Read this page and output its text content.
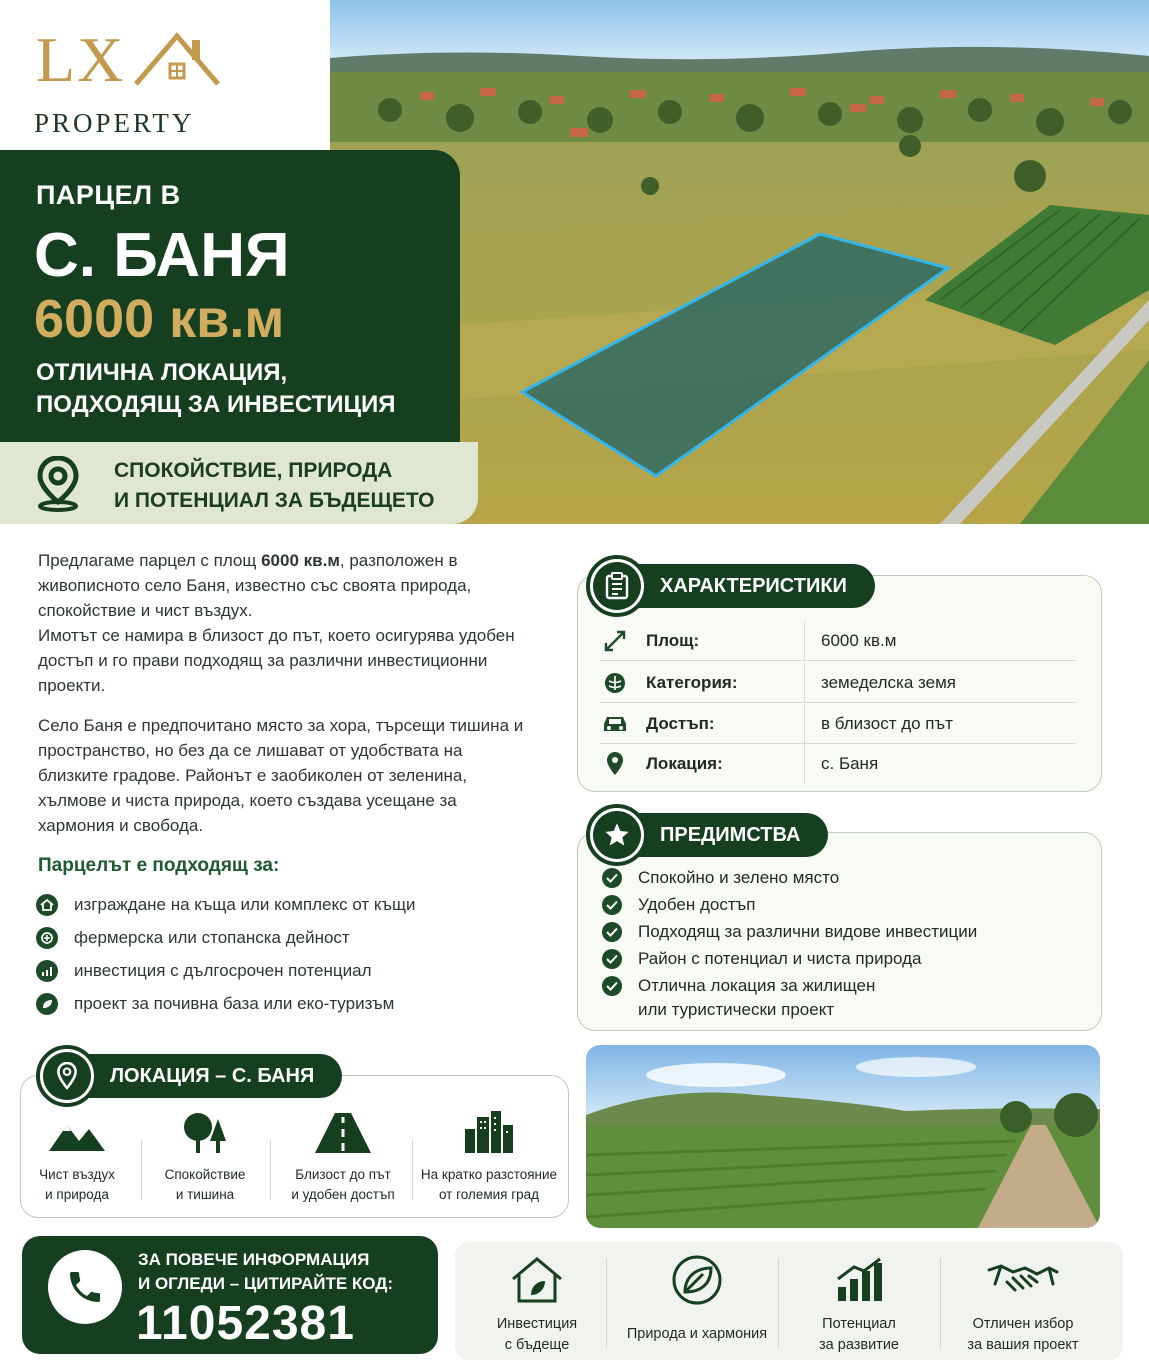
LX
PROPERTY
ПАРЦЕЛ В
С. БАНЯ
6000 кв.м
ОТЛИЧНА ЛОКАЦИЯ,
ПОДХОДЯЩ ЗА ИНВЕСТИЦИЯ
СПОКОЙСТВИЕ, ПРИРОДА
И ПОТЕНЦИАЛ ЗА БЪДЕЩЕТО
Предлагаме парцел с площ 6000 кв.м, разположен в живописното село Баня, известно със своята природа, спокойствие и чист въздух.
Имотът се намира в близост до път, което осигурява удобен достъп и го прави подходящ за различни инвестиционни проекти.
Село Баня е предпочитано място за хора, търсещи тишина и пространство, но без да се лишават от удобствата на близките градове. Районът е заобиколен от зеленина, хълмове и чиста природа, което създава усещане за хармония и свобода.
Парцелът е подходящ за:
изграждане на къща или комплекс от къщи
фермерска или стопанска дейност
инвестиция с дългосрочен потенциал
проект за почивна база или еко-туризъм
ХАРАКТЕРИСТИКИ
Площ:	6000 кв.м
Категория:	земеделска земя
Достъп:	в близост до път
Локация:	с. Баня
ПРЕДИМСТВА
Спокойно и зелено място
Удобен достъп
Подходящ за различни видове инвестиции
Район с потенциал и чиста природа
Отлична локация за жилищен
или туристически проект
ЛОКАЦИЯ – С. БАНЯ
Чист въздух
и природа
Спокойствие
и тишина
Близост до път
и удобен достъп
На кратко разстояние
от големия град
ЗА ПОВЕЧЕ ИНФОРМАЦИЯ
И ОГЛЕДИ – ЦИТИРАЙТЕ КОД:
11052381	Инвестиция
с бъдеще
Природа и хармония
Потенциал
за развитие
Отличен избор
за вашия проект
